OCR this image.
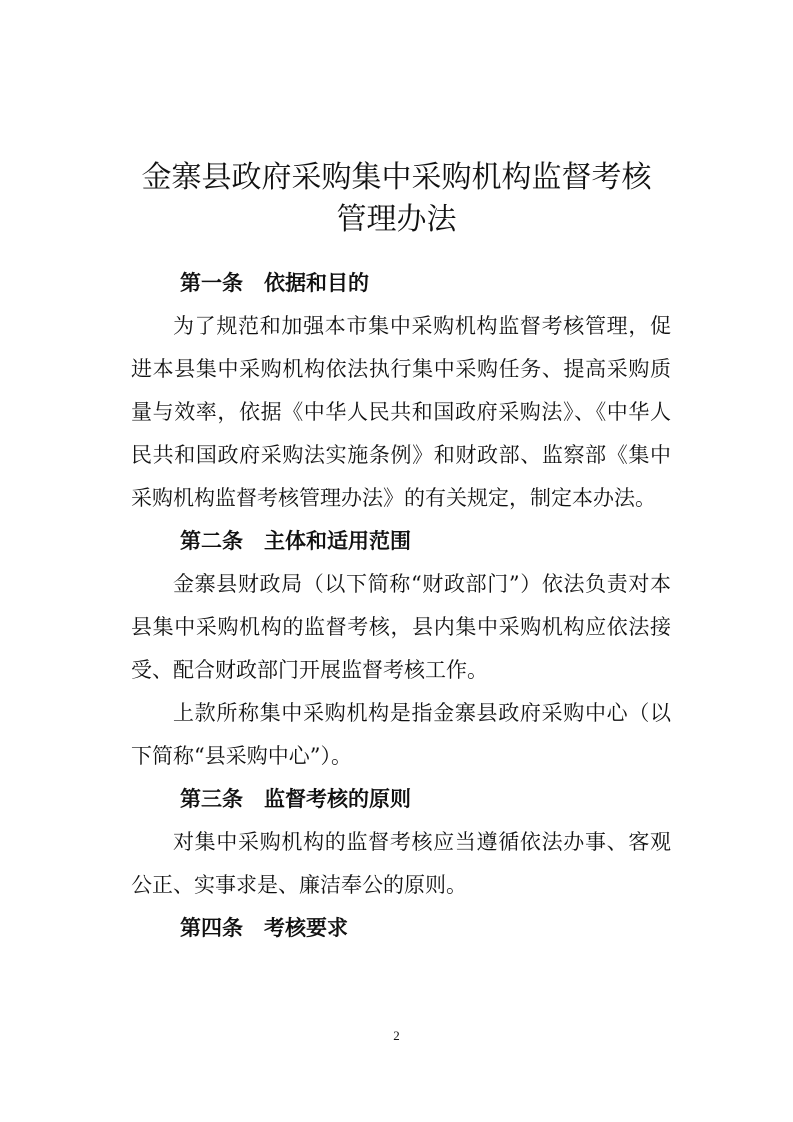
金寨县政府采购集中采购机构监督考核
管理办法

第一条　依据和目的

为了规范和加强本市集中采购机构监督考核管理，促进本县集中采购机构依法执行集中采购任务、提高采购质量与效率，依据《中华人民共和国政府采购法》、《中华人民共和国政府采购法实施条例》和财政部、监察部《集中采购机构监督考核管理办法》的有关规定，制定本办法。

第二条　主体和适用范围

金寨县财政局（以下简称“财政部门”）依法负责对本县集中采购机构的监督考核，县内集中采购机构应依法接受、配合财政部门开展监督考核工作。

上款所称集中采购机构是指金寨县政府采购中心（以下简称“县采购中心”）。

第三条　监督考核的原则

对集中采购机构的监督考核应当遵循依法办事、客观公正、实事求是、廉洁奉公的原则。

第四条　考核要求

2
